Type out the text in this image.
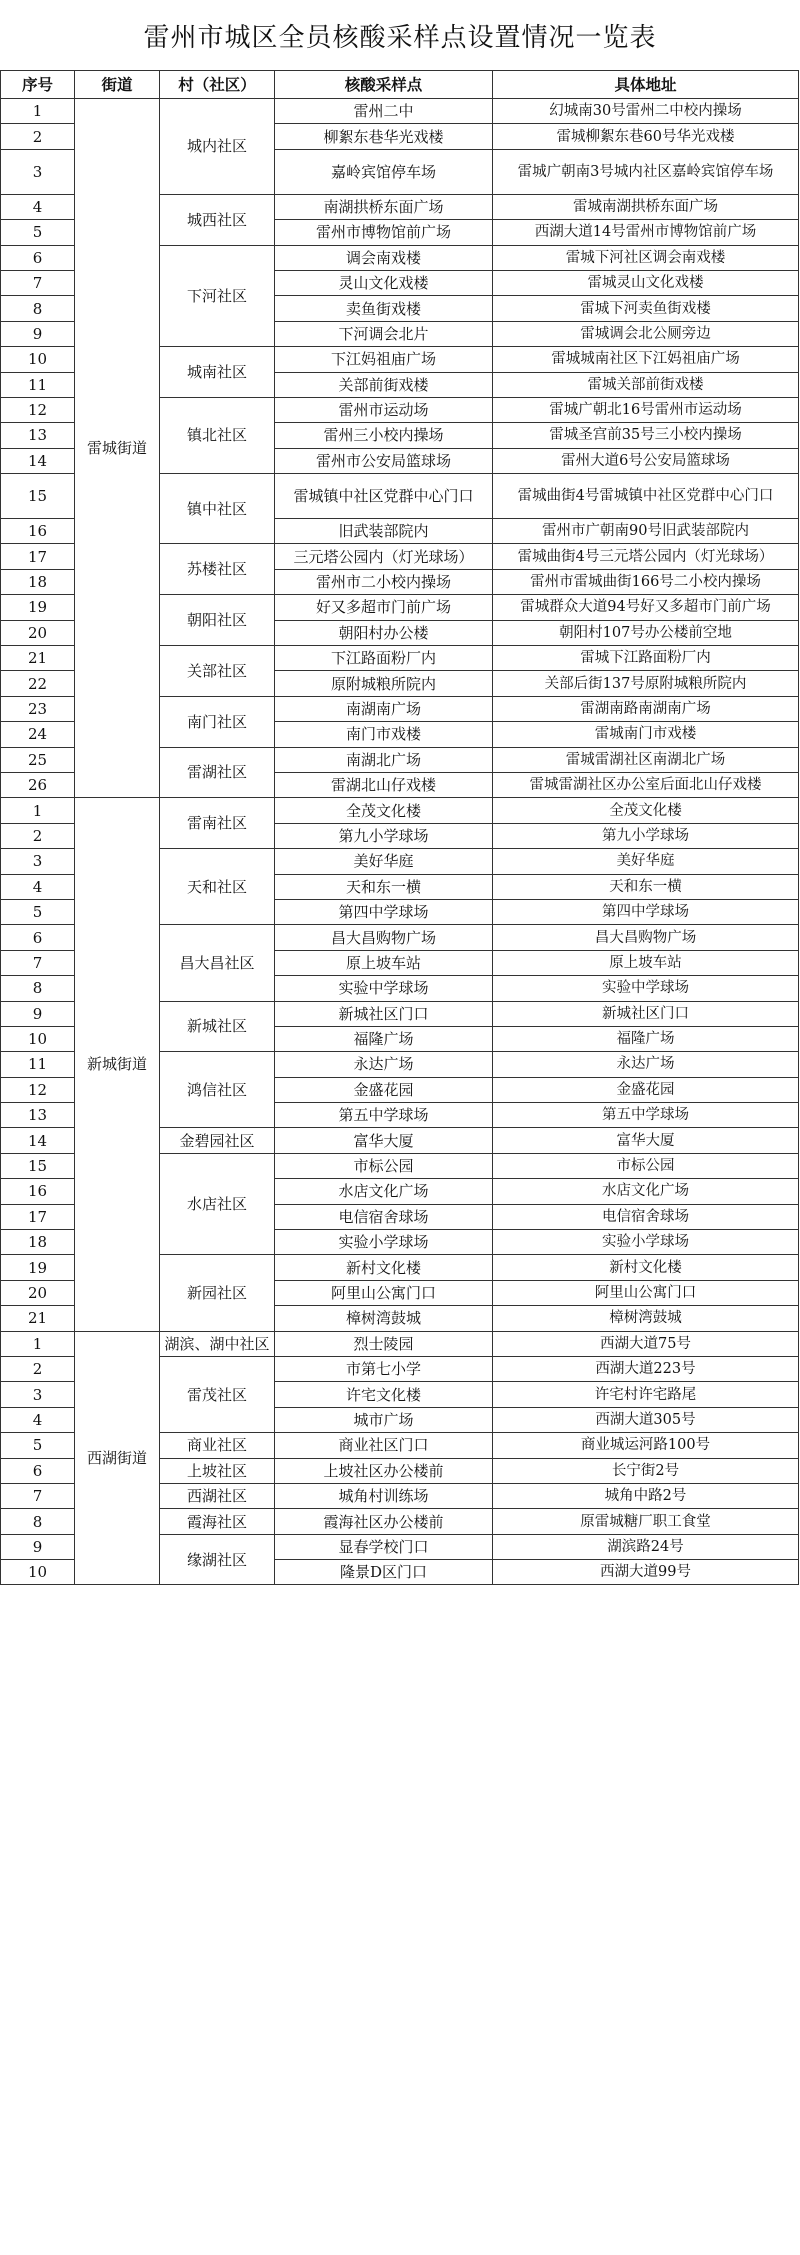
雷州市城区全员核酸采样点设置情况一览表
序号	街道	村（社区）	核酸采样点	具体地址
1	雷城街道	城内社区	雷州二中	幻城南30号雷州二中校内操场
2			柳絮东巷华光戏楼	雷城柳絮东巷60号华光戏楼
3			嘉岭宾馆停车场	雷城广朝南3号城内社区嘉岭宾馆停车场
4		城西社区	南湖拱桥东面广场	雷城南湖拱桥东面广场
5			雷州市博物馆前广场	西湖大道14号雷州市博物馆前广场
6		下河社区	调会南戏楼	雷城下河社区调会南戏楼
7			灵山文化戏楼	雷城灵山文化戏楼
8			卖鱼街戏楼	雷城下河卖鱼街戏楼
9			下河调会北片	雷城调会北公厕旁边
10		城南社区	下江妈祖庙广场	雷城城南社区下江妈祖庙广场
11			关部前街戏楼	雷城关部前街戏楼
12		镇北社区	雷州市运动场	雷城广朝北16号雷州市运动场
13			雷州三小校内操场	雷城圣宫前35号三小校内操场
14			雷州市公安局篮球场	雷州大道6号公安局篮球场
15		镇中社区	雷城镇中社区党群中心门口	雷城曲街4号雷城镇中社区党群中心门口
16			旧武装部院内	雷州市广朝南90号旧武装部院内
17		苏楼社区	三元塔公园内（灯光球场）	雷城曲街4号三元塔公园内（灯光球场）
18			雷州市二小校内操场	雷州市雷城曲街166号二小校内操场
19		朝阳社区	好又多超市门前广场	雷城群众大道94号好又多超市门前广场
20			朝阳村办公楼	朝阳村107号办公楼前空地
21		关部社区	下江路面粉厂内	雷城下江路面粉厂内
22			原附城粮所院内	关部后街137号原附城粮所院内
23		南门社区	南湖南广场	雷湖南路南湖南广场
24			南门市戏楼	雷城南门市戏楼
25		雷湖社区	南湖北广场	雷城雷湖社区南湖北广场
26			雷湖北山仔戏楼	雷城雷湖社区办公室后面北山仔戏楼
1	新城街道	雷南社区	全茂文化楼	全茂文化楼
2			第九小学球场	第九小学球场
3		天和社区	美好华庭	美好华庭
4			天和东一横	天和东一横
5			第四中学球场	第四中学球场
6		昌大昌社区	昌大昌购物广场	昌大昌购物广场
7			原上坡车站	原上坡车站
8			实验中学球场	实验中学球场
9		新城社区	新城社区门口	新城社区门口
10			福隆广场	福隆广场
11		鸿信社区	永达广场	永达广场
12			金盛花园	金盛花园
13			第五中学球场	第五中学球场
14		金碧园社区	富华大厦	富华大厦
15		水店社区	市标公园	市标公园
16			水店文化广场	水店文化广场
17			电信宿舍球场	电信宿舍球场
18			实验小学球场	实验小学球场
19		新园社区	新村文化楼	新村文化楼
20			阿里山公寓门口	阿里山公寓门口
21			樟树湾鼓城	樟树湾鼓城
1	西湖街道	湖滨、湖中社区	烈士陵园	西湖大道75号
2		雷茂社区	市第七小学	西湖大道223号
3			许宅文化楼	许宅村许宅路尾
4			城市广场	西湖大道305号
5		商业社区	商业社区门口	商业城运河路100号
6		上坡社区	上坡社区办公楼前	长宁街2号
7		西湖社区	城角村训练场	城角中路2号
8		霞海社区	霞海社区办公楼前	原雷城糖厂职工食堂
9		缘湖社区	显春学校门口	湖滨路24号
10			隆景D区门口	西湖大道99号
